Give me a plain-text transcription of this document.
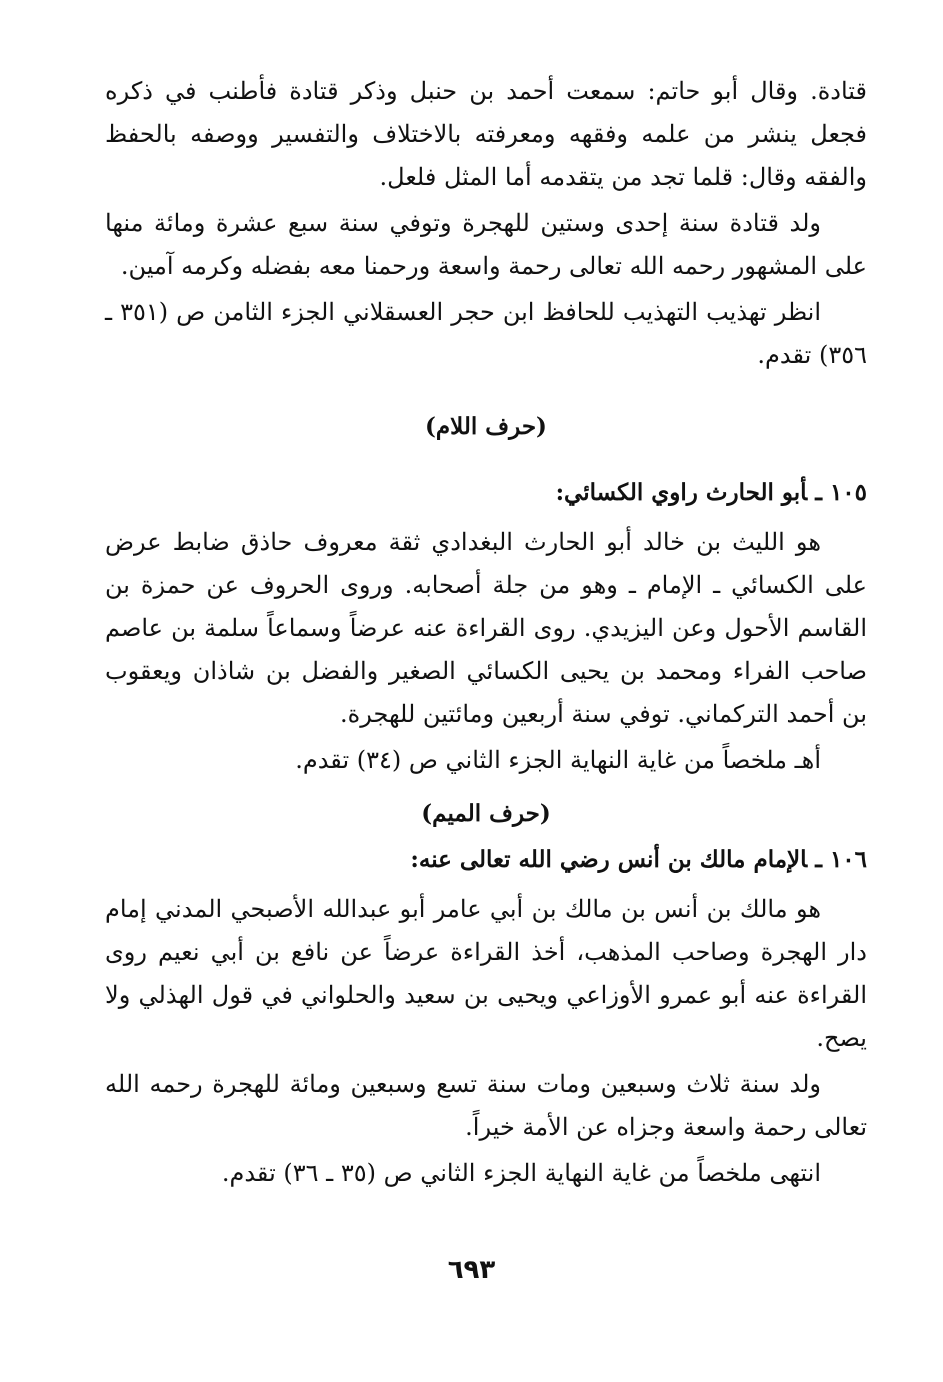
قتادة. وقال أبو حاتم: سمعت أحمد بن حنبل وذكر قتادة فأطنب في ذكره فجعل ينشر من علمه وفقهه ومعرفته بالاختلاف والتفسير ووصفه بالحفظ والفقه وقال: قلما تجد من يتقدمه أما المثل فلعل.

ولد قتادة سنة إحدى وستين للهجرة وتوفي سنة سبع عشرة ومائة منها على المشهور رحمه الله تعالى رحمة واسعة ورحمنا معه بفضله وكرمه آمين.

انظر تهذيب التهذيب للحافظ ابن حجر العسقلاني الجزء الثامن ص (٣٥١ ـ ٣٥٦) تقدم.

(حرف اللام)
١٠٥ ـأبو الحارث راوي الكسائي:

هو الليث بن خالد أبو الحارث البغدادي ثقة معروف حاذق ضابط عرض على الكسائي ـ الإمام ـ وهو من جلة أصحابه. وروى الحروف عن حمزة بن القاسم الأحول وعن اليزيدي. روى القراءة عنه عرضاً وسماعاً سلمة بن عاصم صاحب الفراء ومحمد بن يحيى الكسائي الصغير والفضل بن شاذان ويعقوب بن أحمد التركماني. توفي سنة أربعين ومائتين للهجرة.

أهـ ملخصاً من غاية النهاية الجزء الثاني ص (٣٤) تقدم.

(حرف الميم)
١٠٦ ـالإمام مالك بن أنس رضي الله تعالى عنه:

هو مالك بن أنس بن مالك بن أبي عامر أبو عبدالله الأصبحي المدني إمام دار الهجرة وصاحب المذهب، أخذ القراءة عرضاً عن نافع بن أبي نعيم روى القراءة عنه أبو عمرو الأوزاعي ويحيى بن سعيد والحلواني في قول الهذلي ولا يصح.

ولد سنة ثلاث وسبعين ومات سنة تسع وسبعين ومائة للهجرة رحمه الله تعالى رحمة واسعة وجزاه عن الأمة خيراً.

انتهى ملخصاً من غاية النهاية الجزء الثاني ص (٣٥ ـ ٣٦) تقدم.

٦٩٣
